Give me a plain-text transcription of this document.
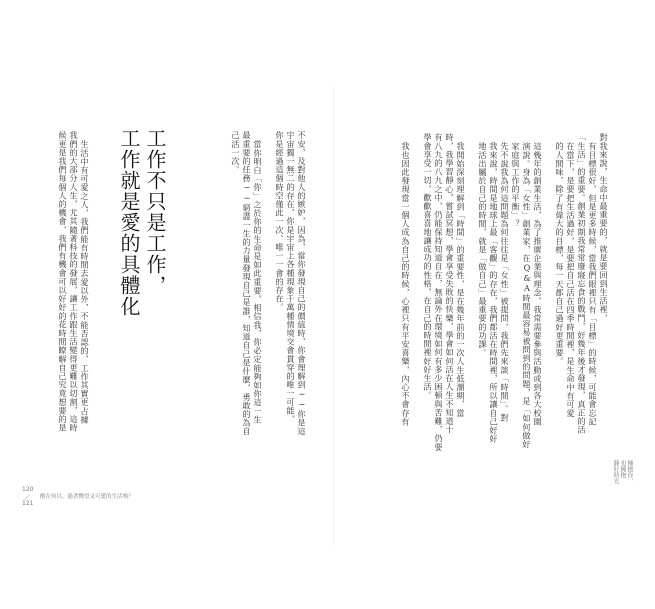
對我來說，生命中最重要的，就是要回到生活裡，
有目標很好，但是更多時候，當我們眼裡只有「目標」的時候，可能會忘記
「生活」的重要。創業初期我常常廢寢忘食的戰鬥，好幾年後才發現，真正的活
在當下，是要把生活過好，是要把自己活在四季時間裡，是生命中有可愛
的人間味，除了有偉大的目標，每一天都自己過好更重要。
這幾年的創業生活，為了推廣企業與理念，我常需要參與活動或到各大校園
演說。身為「女性」創業家，在Q&A時間最容易被問到的問題，是「如何做好
家庭與工作的平衡」？
先不說我為何這問題為何往往是「女性」被提問，我們先來談「時間」。對
我來說，時間是地球上最「客觀」的存在，我們都活在時間裡，所以讓自己好好
地活出屬於自己的時間，就是「做自己」最重要的功課。
我開始深刻理解到「時間」的重要性，是在幾年前的一次人生低潮期，當
時，我學習靜心，嘗試冥想，學會享受失敗的快樂，學會如何活在人生不知道十
有八九的八九之中，仍能保持知道自在，無論外在環境如何有多少困頓與苦難，仍要
學會享受一切，歡歡喜喜地讓成功的性格，在自己的時間裡好好生活。
我也因此發現當一個人成為自己的時候，心裡只有平安喜樂，內心不會存有
擁抱你，
也擁抱
靜好時光
不安，及對他人的嫉妒，因為，當你發現自己的價值時，你會理解到──你是這
宇宙獨一無二的存在，你是宇宙上各種現象千萬種情境交會貫穿的唯一可能，
你是經過這個時空僅此一次、唯一一會的存在。
當你明白「你」之於你的生命是如此重要，相信我，你必定能夠如你這一生
最重要的任務──窮盡一生的力量發現自己是誰，知道自己是什麼，勇敢的為自
己活一次。
工作不只是工作，
工作就是愛的具體化
生活中有可愛之人，我們能有時間去愛以外，不能否認的，工作其實更占據
我們的大部分人生，尤其隨著科技的發展，讓工作跟生活變得更難以切割，這時
候更是我們每個人的機會，我們有機會可以好好的花時間瞭解自己究竟想要的是
120
／
121
醒在何以，過著嚮望又可愛的生活嗎？
